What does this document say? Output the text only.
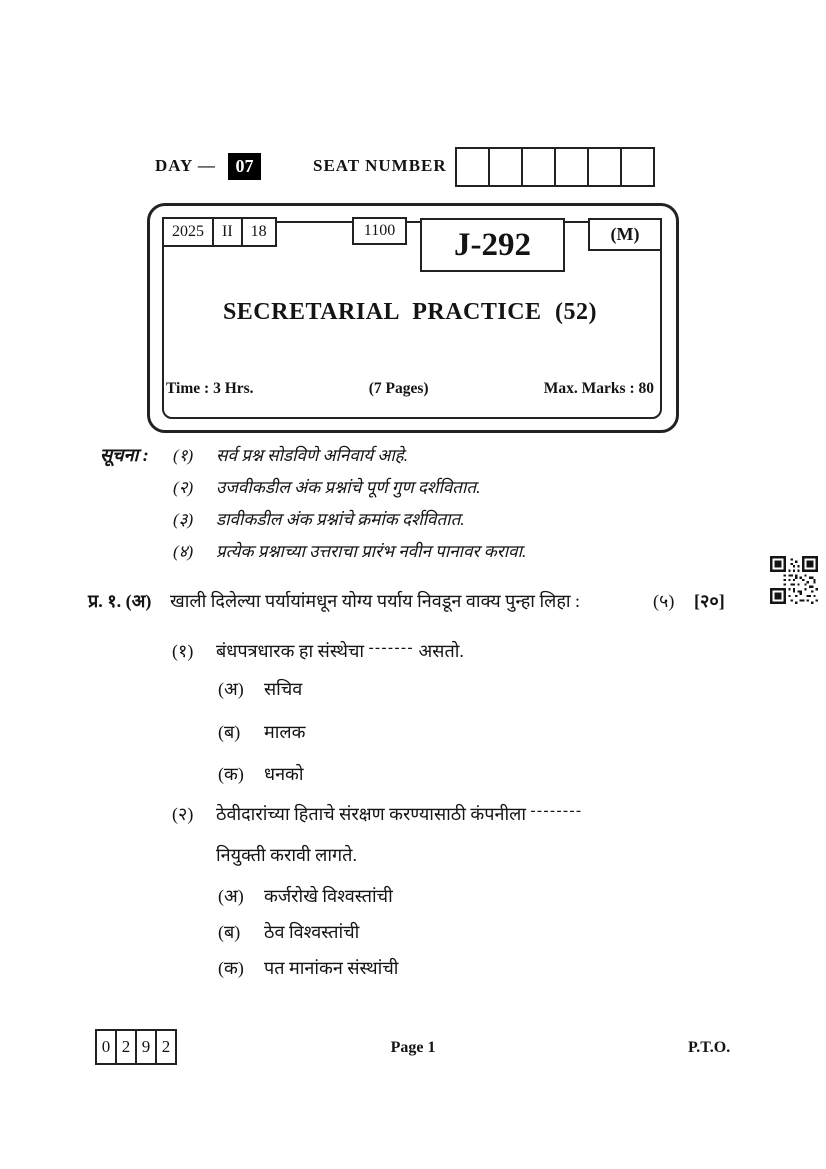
DAY —	07	SEAT NUMBER
2025	II	18	1100	J-292	(M)
SECRETARIAL PRACTICE (52)
Time : 3 Hrs.	(7 Pages)	Max. Marks : 80
सूचना : (१) सर्व प्रश्न सोडविणे अनिवार्य आहे.
(२) उजवीकडील अंक प्रश्नांचे पूर्ण गुण दर्शवितात.
(३) डावीकडील अंक प्रश्नांचे क्रमांक दर्शवितात.
(४) प्रत्येक प्रश्नाच्या उत्तराचा प्रारंभ नवीन पानावर करावा.
प्र. १. (अ) खाली दिलेल्या पर्यायांमधून योग्य पर्याय निवडून वाक्य पुन्हा लिहा :	(५) [२०]
(१) बंधपत्रधारक हा संस्थेचा ------- असतो.
(अ) सचिव
(ब) मालक
(क) धनको
(२) ठेवीदारांच्या हिताचे संरक्षण करण्यासाठी कंपनीला --------
नियुक्ती करावी लागते.
(अ) कर्जरोखे विश्वस्तांची
(ब) ठेव विश्वस्तांची
(क) पत मानांकन संस्थांची
0 2 9 2	Page 1	P.T.O.
